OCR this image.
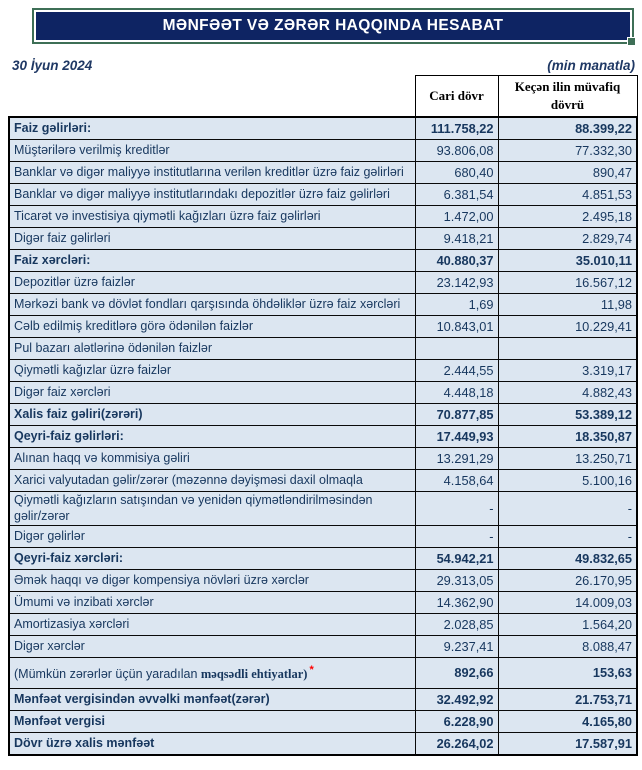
MƏNFƏƏT VƏ ZƏRƏR HAQQINDA HESABAT
30 İyun 2024	(min manatla)
	Cari dövr	Keçən ilin müvafiq dövrü
Faiz gəlirləri:	111.758,22	88.399,22
Müştərilərə verilmiş kreditlər	93.806,08	77.332,30
Banklar və digər maliyyə institutlarına verilən kreditlər üzrə faiz gəlirləri	680,40	890,47
Banklar və digər maliyyə institutlarındakı depozitlər üzrə faiz gəlirləri	6.381,54	4.851,53
Ticarət və investisiya qiymətli kağızları üzrə faiz gəlirləri	1.472,00	2.495,18
Digər faiz gəlirləri	9.418,21	2.829,74
Faiz xərcləri:	40.880,37	35.010,11
Depozitlər üzrə faizlər	23.142,93	16.567,12
Mərkəzi bank və dövlət fondları qarşısında öhdəliklər üzrə faiz xərcləri	1,69	11,98
Cəlb edilmiş kreditlərə görə ödənilən faizlər	10.843,01	10.229,41
Pul bazarı alətlərinə ödənilən faizlər		
Qiymətli kağızlar üzrə faizlər	2.444,55	3.319,17
Digər faiz xərcləri	4.448,18	4.882,43
Xalis faiz gəliri(zərəri)	70.877,85	53.389,12
Qeyri-faiz gəlirləri:	17.449,93	18.350,87
Alınan haqq və kommisiya gəliri	13.291,29	13.250,71
Xarici valyutadan gəlir/zərər (məzənnə dəyişməsi daxil olmaqla	4.158,64	5.100,16
Qiymətli kağızların satışından və yenidən qiymətləndirilməsindən gəlir/zərər	-	-
Digər gəlirlər	-	-
Qeyri-faiz xərcləri:	54.942,21	49.832,65
Əmək haqqı və digər kompensiya növləri üzrə xərclər	29.313,05	26.170,95
Ümumi və inzibati xərclər	14.362,90	14.009,03
Amortizasiya xərcləri	2.028,85	1.564,20
Digər xərclər	9.237,41	8.088,47
(Mümkün zərərlər üçün yaradılan məqsədli ehtiyatlar) *	892,66	153,63
Mənfəət vergisindən əvvəlki mənfəət(zərər)	32.492,92	21.753,71
Mənfəət vergisi	6.228,90	4.165,80
Dövr üzrə xalis mənfəət	26.264,02	17.587,91
